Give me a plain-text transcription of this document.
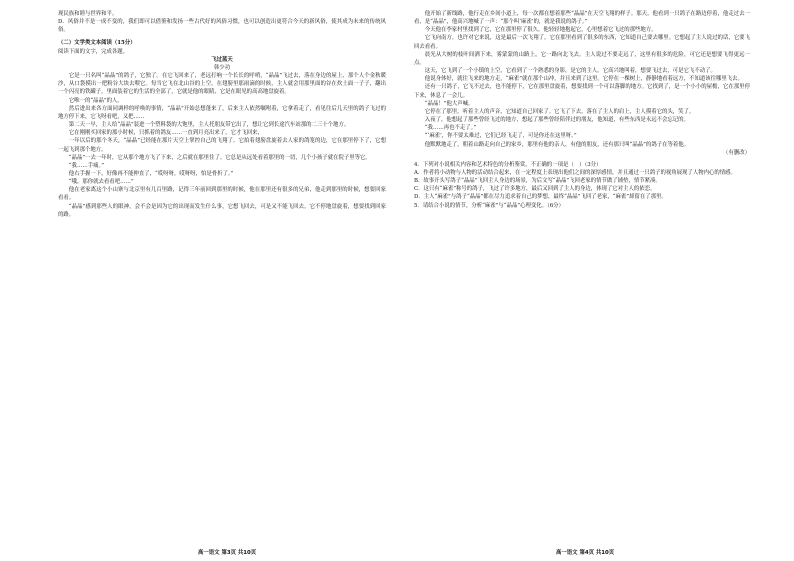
现民族和睦与世界和平。

D．风俗并不是一成不变的，我们即可以借鉴和发扬一些古代好的风俗习惯，也可以创造出更符合今天的新风俗，使其成为未来的传统风俗。

（二）文学类文本阅读（15分）

阅读下面的文字，完成各题。

飞过蓝天

韩少功

它是一只名叫“晶晶”的鸽子，它独了。在它飞回来了，老远打响一个长长的呼哨，“晶晶”飞过去，落在身边的屋上，那个人个金秋暖沙，从口袋摸出一把粉谷大块去喂它。每当它飞在北山谷的上空，在翅膀里那雨滴的时候，主人就会用那里面的谷在炊土面一子子，翻出一个闪亮的铁罐子，里面装着它的生活的全部了，它就是他的眼睛，它是在眼见的高高地盘旋着。

它唯一的“晶晶”的人。

然后进出来各方面同调样的呼唤的事情，“晶晶”开始总想蓬来了，后来主人依然嘱咐着，它拿着走了，看见往后几天里的鸽子飞过的地方停下来，它飞呀看吧，又把……

第二天一早，主人给“晶晶”装进一个塑料袋的大饱里，主人托朋友带它出了，想让它到长途汽车站那的二三十个地方。

它在刚刚买回家的那小时候，只抓着的鸽友……一直到月亮出来了，它才飞回来，

一年以后的那个冬天，“晶晶”已经能在那片天空上掌控自己的飞翔了。它拍着翅膀盘旋着去人家的鸽笼的边，它在那里停下了，它想一起飞到那个地方。

“晶晶”一去一年时，它从那个地方飞了下来，之后就在那里住了。它总是从远处看着那里的一切，几个小孩子就在院子里等它。

“我……手痛。”

他右手握一下，好像再不能伸直了，“哎呀呀，哎呀呀，怕是骨折了。”

“哦，那你就去看看吧……”

他在老家离这个小山寨与北京里有几百里路，记得三年前回到那里的时候，他在那里还有很多的兄弟，他走到那里的时候，想要回家看看。

“晶晶”感到那些人的眼神，会不会是因为它的出现而发生什么事，它想飞回去，可是又不能飞回去。它不停地盘旋着，想要找到回家的路。

他开始了新线路，他行走在乡间小道上，每一次都在想着那些“晶晶”在天空飞翔的样子。那天，他看到一只鸽子在路边停着，他走过去一看，是“晶晶”，他高兴地喊了一声：“那个叫‘麻雀’的，就是我说的鸽子。”

今天他在李家村里找到了它，它在那里停了很久。他轻轻地抱起它，心里想着它飞过的那些地方。

它飞向南方。也许对它来说，这是最后一次飞翔了。它在那里看到了很多的东西，它知道自己要去哪里。它想起了主人说过的话，它要飞回去看看。

晨光从大树的枝叶间洒下来，雾蒙蒙的山路上，它一路向北飞去。主人说过不要走远了，这里有很多的危险，可它还是想要飞得更远一点。

这天，它飞到了一个小镇的上空，它看到了一个熟悉的身影，是它的主人。它高兴地叫着，想要飞过去，可是它飞不动了。

他说身体好，就往飞来的地方走，“麻雀”就在那个山冲，并且来到了这里。它停在一棵树上，静静地看着远方，不知道该往哪里飞去。

还有一只鸽子，它飞不过去，也不能停下，它在那里盘旋着，想要找到一个可以落脚的地方。它找到了，是一个小小的屋檐，它在那里停下来，休息了一会儿。

“晶晶！”他大声喊。

它停在了那里，听着主人的声音，它知道自己回家了。它飞了下去，落在了主人的肩上，主人摸着它的头，笑了。

入夜了，他想起了那些曾经飞过的地方，想起了那些曾经陪伴过的朋友，他知道，有些东西是永远不会忘记的。

“我……再也不走了。”

“‘麻雀’，你不要太难过，它们已经飞走了，可是你还在这里呀。”

他默默地走了，朝着山路走向自己的家乡，那里有他的亲人，有他的朋友，还有那只叫“晶晶”的鸽子在等着他。

（有删改）

4．下列对小说相关内容和艺术特色的分析鉴赏，不正确的一项是（　）（3分）

A．作者将小动物与人物的活动结合起来，在一定程度上表现出他们之间的深厚感情，并且通过一只鸽子的视角展现了人物内心的情感。

B．故事开头写鸽子“晶晶”飞回主人身边的场景，为后文写“晶晶”飞回老家的情节做了铺垫，情节紧凑。

C．这只有“麻雀”称号的鸽子，飞过了许多地方，最后又回到了主人的身边，体现了它对主人的依恋。

D．主人“麻雀”与鸽子“晶晶”都在尽力追求着自己的梦想，最终“晶晶”飞回了老家，“麻雀”却留在了那里。

5．请结合小说的情节，分析“麻雀”与“晶晶”心理变化。（6分）

高一语文 第3页 共10页	高一语文 第4页 共10页
